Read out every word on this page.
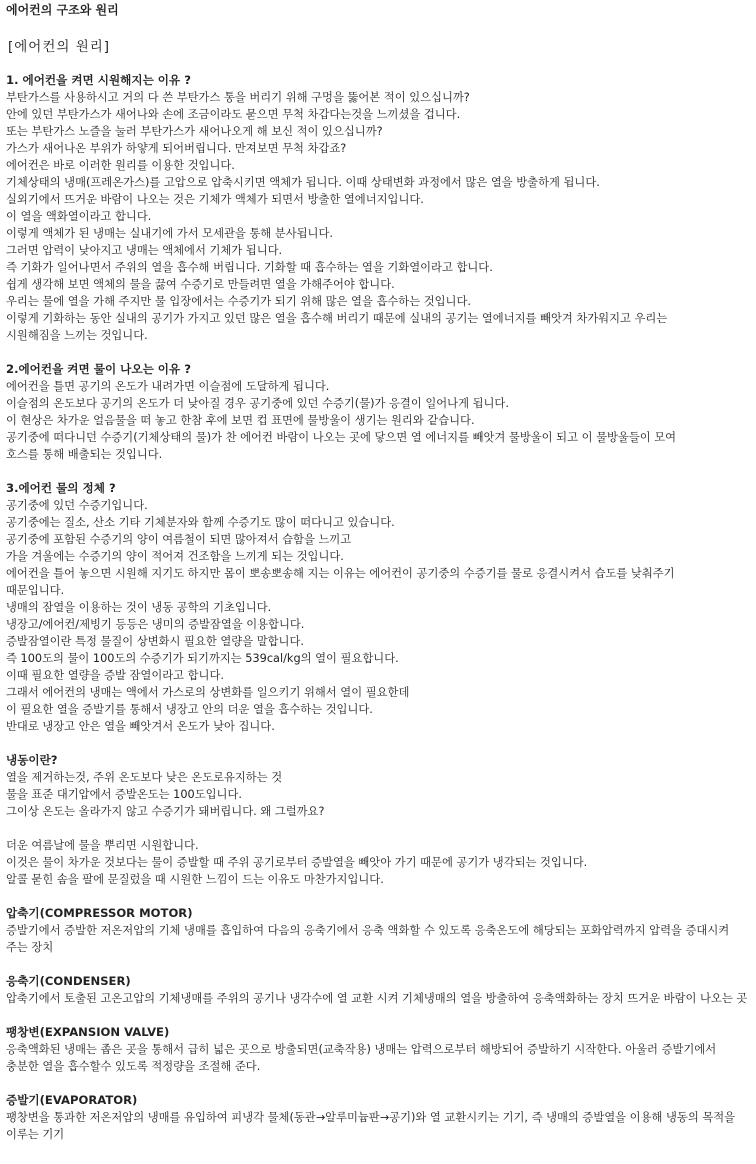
에어컨의 구조와 원리
[에어컨의 원리]
1. 에어컨을 켜면 시원해지는 이유 ?
부탄가스를 사용하시고 거의 다 쓴 부탄가스 통을 버리기 위해 구멍을 뚫어본 적이 있으십니까?
안에 있던 부탄가스가 새어나와 손에 조금이라도 묻으면 무척 차갑다는것을 느끼셨을 겁니다.
또는 부탄가스 노즐을 눌러 부탄가스가 새어나오게 해 보신 적이 있으십니까?
가스가 새어나온 부위가 하얗게 되어버립니다. 만져보면 무척 차갑죠?
에어컨은 바로 이러한 원리를 이용한 것입니다.
기체상태의 냉매(프레온가스)를 고압으로 압축시키면 액체가 됩니다. 이때 상태변화 과정에서 많은 열을 방출하게 됩니다.
실외기에서 뜨거운 바람이 나오는 것은 기체가 액체가 되면서 방출한 열에너지입니다.
이 열을 액화열이라고 합니다.
이렇게 액체가 된 냉매는 실내기에 가서 모세관을 통해 분사됩니다.
그러면 압력이 낮아지고 냉매는 액체에서 기체가 됩니다.
즉 기화가 일어나면서 주위의 열을 흡수해 버립니다. 기화할 때 흡수하는 열을 기화열이라고 합니다.
쉽게 생각해 보면 액체의 물을 끓여 수증기로 만들려면 열을 가해주어야 합니다.
우리는 물에 열을 가해 주지만 물 입장에서는 수증기가 되기 위해 많은 열을 흡수하는 것입니다.
이렇게 기화하는 동안 실내의 공기가 가지고 있던 많은 열을 흡수해 버리기 때문에 실내의 공기는 열에너지를 빼앗겨 차가워지고 우리는
시원해짐을 느끼는 것입니다.
2.에어컨을 켜면 물이 나오는 이유 ?
에어컨을 틀면 공기의 온도가 내려가면 이슬점에 도달하게 됩니다.
이슬점의 온도보다 공기의 온도가 더 낮아질 경우 공기중에 있던 수증기(물)가 응결이 일어나게 됩니다.
이 현상은 차가운 얼음물을 떠 놓고 한참 후에 보면 컵 표면에 물방울이 생기는 원리와 같습니다.
공기중에 떠다니던 수증기(기체상태의 물)가 찬 에어컨 바람이 나오는 곳에 닿으면 열 에너지를 빼앗겨 물방울이 되고 이 물방울들이 모여
호스를 통해 배출되는 것입니다.
3.에어컨 물의 정체 ?
공기중에 있던 수증기입니다.
공기중에는 질소, 산소 기타 기체분자와 함께 수증기도 많이 떠다니고 있습니다.
공기중에 포함된 수증기의 양이 여름철이 되면 많아져서 습함을 느끼고
가을 겨울에는 수증기의 양이 적어져 건조함을 느끼게 되는 것입니다.
에어컨을 틀어 놓으면 시원해 지기도 하지만 몸이 뽀송뽀송해 지는 이유는 에어컨이 공기중의 수증기를 물로 응결시켜서 습도를 낮춰주기
때문입니다.
냉매의 잠열을 이용하는 것이 냉동 공학의 기초입니다.
냉장고/에어컨/제빙기 등등은 냉미의 증발잠열을 이용합니다.
증발잠열이란 특정 물질이 상변화시 필요한 열량을 말합니다.
즉 100도의 물이 100도의 수증기가 되기까지는 539cal/kg의 열이 필요합니다.
이때 필요한 열량을 증발 잠열이라고 합니다.
그래서 에어컨의 냉매는 액에서 가스로의 상변화를 일으키기 위해서 열이 필요한데
이 필요한 열을 증발기를 통해서 냉장고 안의 더운 열을 흡수하는 것입니다.
반대로 냉장고 안은 열을 빼앗겨서 온도가 낮아 집니다.
냉동이란?
열을 제거하는것, 주위 온도보다 낮은 온도로유지하는 것
물을 표준 대기압에서 증발온도는 100도입니다.
그이상 온도는 올라가지 않고 수증기가 돼버립니다. 왜 그럴까요?
더운 여름날에 물을 뿌리면 시원합니다.
이것은 물이 차가운 것보다는 물이 증발할 때 주위 공기로부터 증발열을 빼앗아 가기 때문에 공기가 냉각되는 것입니다.
알콜 묻힌 솜을 팔에 문질렀을 때 시원한 느낌이 드는 이유도 마찬가지입니다.
압축기(COMPRESSOR MOTOR)
증발기에서 증발한 저온저압의 기체 냉매를 흡입하여 다음의 응축기에서 응축 액화할 수 있도록 응축온도에 해당되는 포화압력까지 압력을 증대시켜 주는 장치
응축기(CONDENSER)
압축기에서 토출된 고온고압의 기체냉매를 주위의 공기나 냉각수에 열 교환 시켜 기체냉매의 열을 방출하여 응축액화하는 장치 뜨거운 바람이 나오는 곳
팽창변(EXPANSION VALVE)
응축액화된 냉매는 좁은 곳을 통해서 급히 넓은 곳으로 방출되면(교축작용) 냉매는 압력으로부터 해방되어 증발하기 시작한다. 아울러 증발기에서 충분한 열을 흡수할수 있도록 적정량을 조절해 준다.
증발기(EVAPORATOR)
팽창변을 통과한 저온저압의 냉매를 유입하여 피냉각 물체(동관→알루미늄판→공기)와 열 교환시키는 기기, 즉 냉매의 증발열을 이용해 냉동의 목적을 이루는 기기
